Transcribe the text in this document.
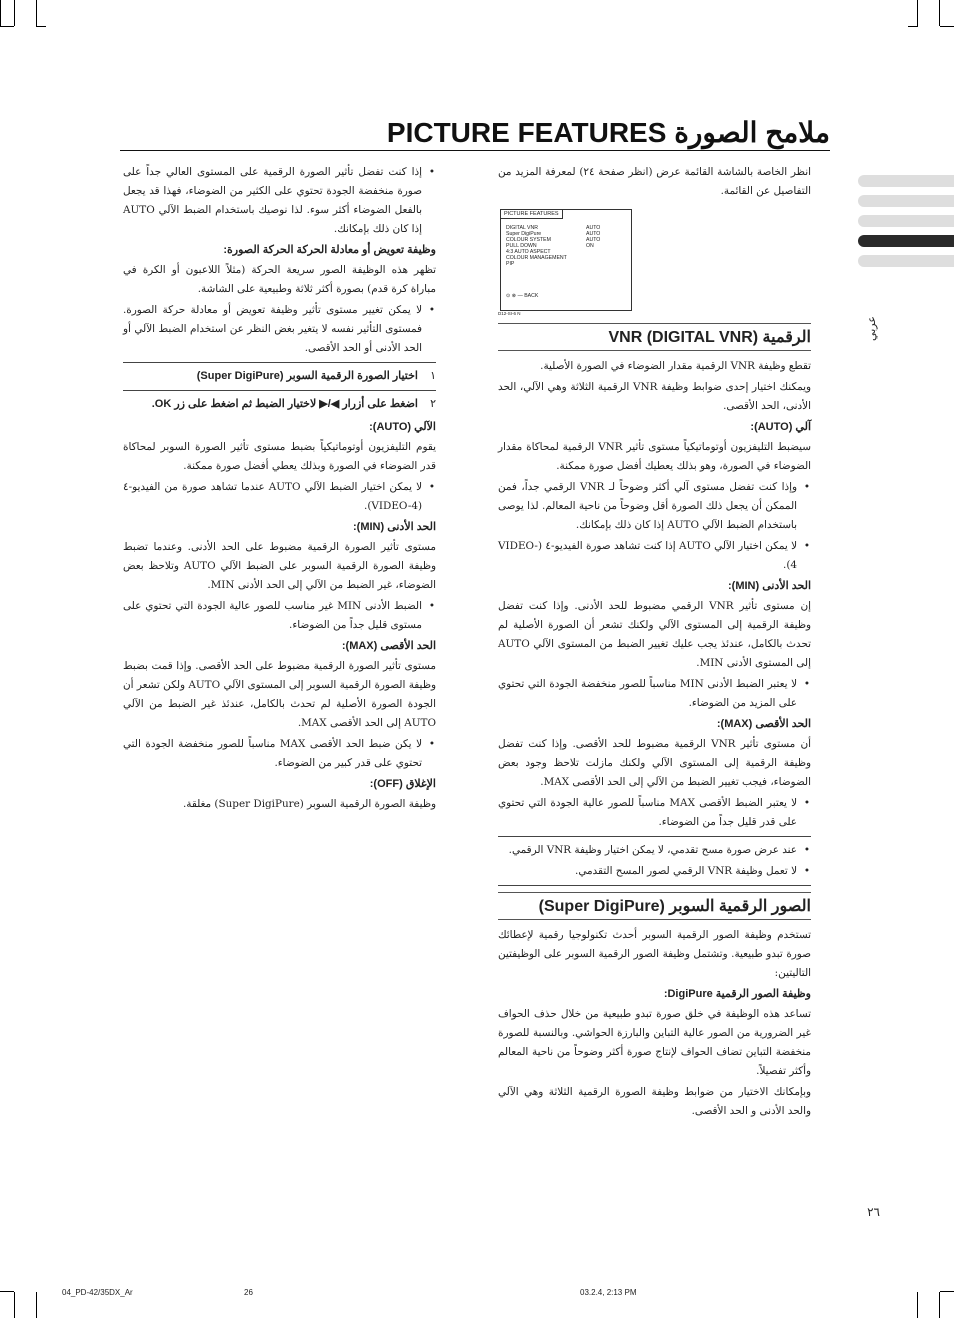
PICTURE FEATURES ملامح الصورة
عربي

انظر الخاصة بالشاشة القائمة عرض (انظر صفحة ٢٤) لمعرفة المزيد من التفاصيل عن القائمة.

PICTURE FEATURES
DIGITAL VNR
Super DigiPure
COLOUR SYSTEM
PULL DOWN
4:3 AUTO ASPECT
COLOUR MANAGEMENT
PIP
AUTO
AUTO
AUTO
ON
⊙ ⊗ — BACK
D12-SI-6 N
الرقمية VNR (DIGITAL VNR)

تقطع وظيفة VNR الرقمية مقدار الضوضاء في الصورة الأصلية.

ويمكنك اختيار إحدى ضوابط وظيفة VNR الرقمية الثلاثة وهي الآلي، الحد الأدنى، الحد الأقصى.

آلي (AUTO):

سيضبط التليفزيون أوتوماتيكياً مستوى تأثير VNR الرقمية لمحاكاة مقدار الضوضاء في الصورة، وهو بذلك يعطيك أفضل صورة ممكنة.

• وإذا كنت تفضل مستوى آلي أكثر وضوحاً لـ VNR الرقمي جداً، فمن الممكن أن يجعل ذلك الصورة أقل وضوحاً من ناحية المعالم. لذا يوصى باستخدام الضبط الآلي AUTO إذا كان ذلك بإمكانك.
• لا يمكن اختيار الآلي AUTO إذا كنت تشاهد صورة الفيديو-٤ (VIDEO-4).
الحد الأدنى (MIN):

إن مستوى تأثير VNR الرقمي مضبوط للحد الأدنى. وإذا كنت تفضل وظيفة الرقمية إلى المستوى الآلي ولكنك تشعر أن الصورة الأصلية لم تحدث بالكامل، عندئذ يجب عليك تغيير الضبط من المستوى الآلي AUTO إلى المستوى الأدنى MIN.

• لا يعتبر الضبط الأدنى MIN مناسباً للصور منخفضة الجودة التي تحتوي على المزيد من الضوضاء.
الحد الأقصى (MAX):

أن مستوى تأثير VNR الرقمية مضبوط للحد الأقصى. وإذا كنت تفضل وظيفة الرقمية إلى المستوى الآلي ولكنك مازلت تلاحظ وجود بعض الضوضاء، فيجب تغيير الضبط من الآلي إلى الحد الأقصى MAX.

• لا يعتبر الضبط الأقصى MAX مناسباً للصور عالية الجودة التي تحتوي على قدر قليل جداً من الضوضاء.
• عند عرض صورة مسح تقدمي، لا يمكن اختيار وظيفة VNR الرقمي.
• لا تعمل وظيفة VNR الرقمي لصور المسح التقدمي.
الصور الرقمية السوبر (Super DigiPure)

تستخدم وظيفة الصور الرقمية السوبر أحدث تكنولوجيا رقمية لإعطائك صورة تبدو طبيعية. وتشتمل وظيفة الصور الرقمية السوبر على الوظيفتين التاليتين:

وظيفة الصور الرقمية DigiPure:

تساعد هذه الوظيفة في خلق صورة تبدو طبيعية من خلال حذف الحواف غير الضرورية من الصور عالية التباين والبارزة الحواشي. وبالنسبة للصورة منخفضة التباين تضاف الحواف لإنتاج صورة أكثر وضوحاً من ناحية المعالم وأكثر تفصيلاً.

وبإمكانك الاختيار من ضوابط وظيفة الصورة الرقمية الثلاثة وهي الآلي والحد الأدنى و الحد الأقصى.

• إذا كنت تفضل تأثير الصورة الرقمية على المستوى العالي جداً على صورة منخفضة الجودة تحتوي على الكثير من الضوضاء، فهذا قد يجعل بالفعل الضوضاء أكثر سوء. لذا نوصيك باستخدام الضبط الآلي AUTO إذا كان ذلك بإمكانك.
وظيفة تعويض أو معادلة الحركة الحركة الصورة:

تظهر هذه الوظيفة الصور سريعة الحركة (مثلاً اللاعبون أو الكرة في مباراة كرة قدم) بصورة أكثر ثلاثة وطبيعية على الشاشة.

• لا يمكن تغيير مستوى تأثير وظيفة تعويض أو معادلة حركة الصورة. فمستوى التأثير نفسه لا يتغير بغض النظر عن استخدام الضبط الآلي أو الحد الأدنى أو الحد الأقصى.
١
اختيار الصورة الرقمية السوبر (Super DigiPure)
٢
اضغط على أزرار ◀/▶ لاختيار الضبط ثم اضغط على زر OK.
الآلي (AUTO):

يقوم التليفزيون أوتوماتيكياً بضبط مستوى تأثير الصورة السوبر لمحاكاة قدر الضوضاء في الصورة وبذلك يعطي أفضل صورة ممكنة.

• لا يمكن اختيار الضبط الآلي AUTO عندما تشاهد صورة من الفيديو-٤ (VIDEO-4).
الحد الأدنى (MIN):

مستوى تأثير الصورة الرقمية مضبوط على الحد الأدنى. وعندما تضبط وظيفة الصورة الرقمية السوبر على الضبط الآلي AUTO وتلاحظ بعض الضوضاء، غير الضبط من الآلي إلى الحد الأدنى MIN.

• الضبط الأدنى MIN غير مناسب للصور عالية الجودة التي تحتوي على مستوى قليل جداً من الضوضاء.
الحد الأقصى (MAX):

مستوى تأثير الصورة الرقمية مضبوط على الحد الأقصى. وإذا قمت بضبط وظيفة الصورة الرقمية السوبر إلى المستوى الآلي AUTO ولكن تشعر أن الجودة الصورة الأصلية لم تحدث بالكامل، عندئذ غير الضبط من الآلي AUTO إلى الحد الأقصى MAX.

• لا يكن ضبط الحد الأقصى MAX مناسباً للصور منخفضة الجودة التي تحتوي على قدر كبير من الضوضاء.
الإغلاق (OFF):

وظيفة الصورة الرقمية السوبر (Super DigiPure) مغلقة.

٢٦
04_PD-42/35DX_Ar	26	03.2.4, 2:13 PM
